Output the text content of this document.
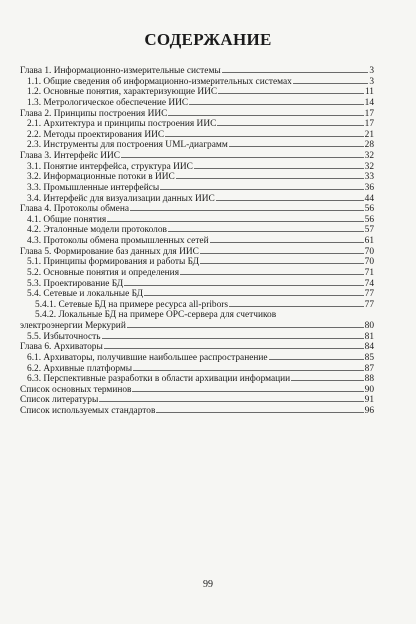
СОДЕРЖАНИЕ
Глава 1. Информационно-измерительные системы	3
1.1. Общие сведения об информационно-измерительных системах	3
1.2. Основные понятия, характеризующие ИИС	11
1.3. Метрологическое обеспечение ИИС	14
Глава 2. Принципы построения ИИС	17
2.1. Архитектура и принципы построения ИИС	17
2.2. Методы проектирования ИИС	21
2.3. Инструменты для построения UML-диаграмм	28
Глава 3. Интерфейс ИИС	32
3.1. Понятие интерфейса, структура ИИС	32
3.2. Информационные потоки в ИИС	33
3.3. Промышленные интерфейсы	36
3.4. Интерфейс для визуализации данных ИИС	44
Глава 4. Протоколы обмена	56
4.1. Общие понятия	56
4.2. Эталонные модели протоколов	57
4.3. Протоколы обмена промышленных сетей	61
Глава 5. Формирование баз данных для ИИС	70
5.1. Принципы формирования и работы БД	70
5.2. Основные понятия и определения	71
5.3. Проектирование БД	74
5.4. Сетевые и локальные БД	77
5.4.1. Сетевые БД на примере ресурса all-pribors	77
5.4.2. Локальные БД на примере OPC-сервера для счетчиков
электроэнергии Меркурий	80
5.5. Избыточность	81
Глава 6. Архиваторы	84
6.1. Архиваторы, получившие наибольшее распространение	85
6.2. Архивные платформы	87
6.3. Перспективные разработки в области архивации информации	88
Список основных терминов	90
Список литературы	91
Список используемых стандартов	96
99
